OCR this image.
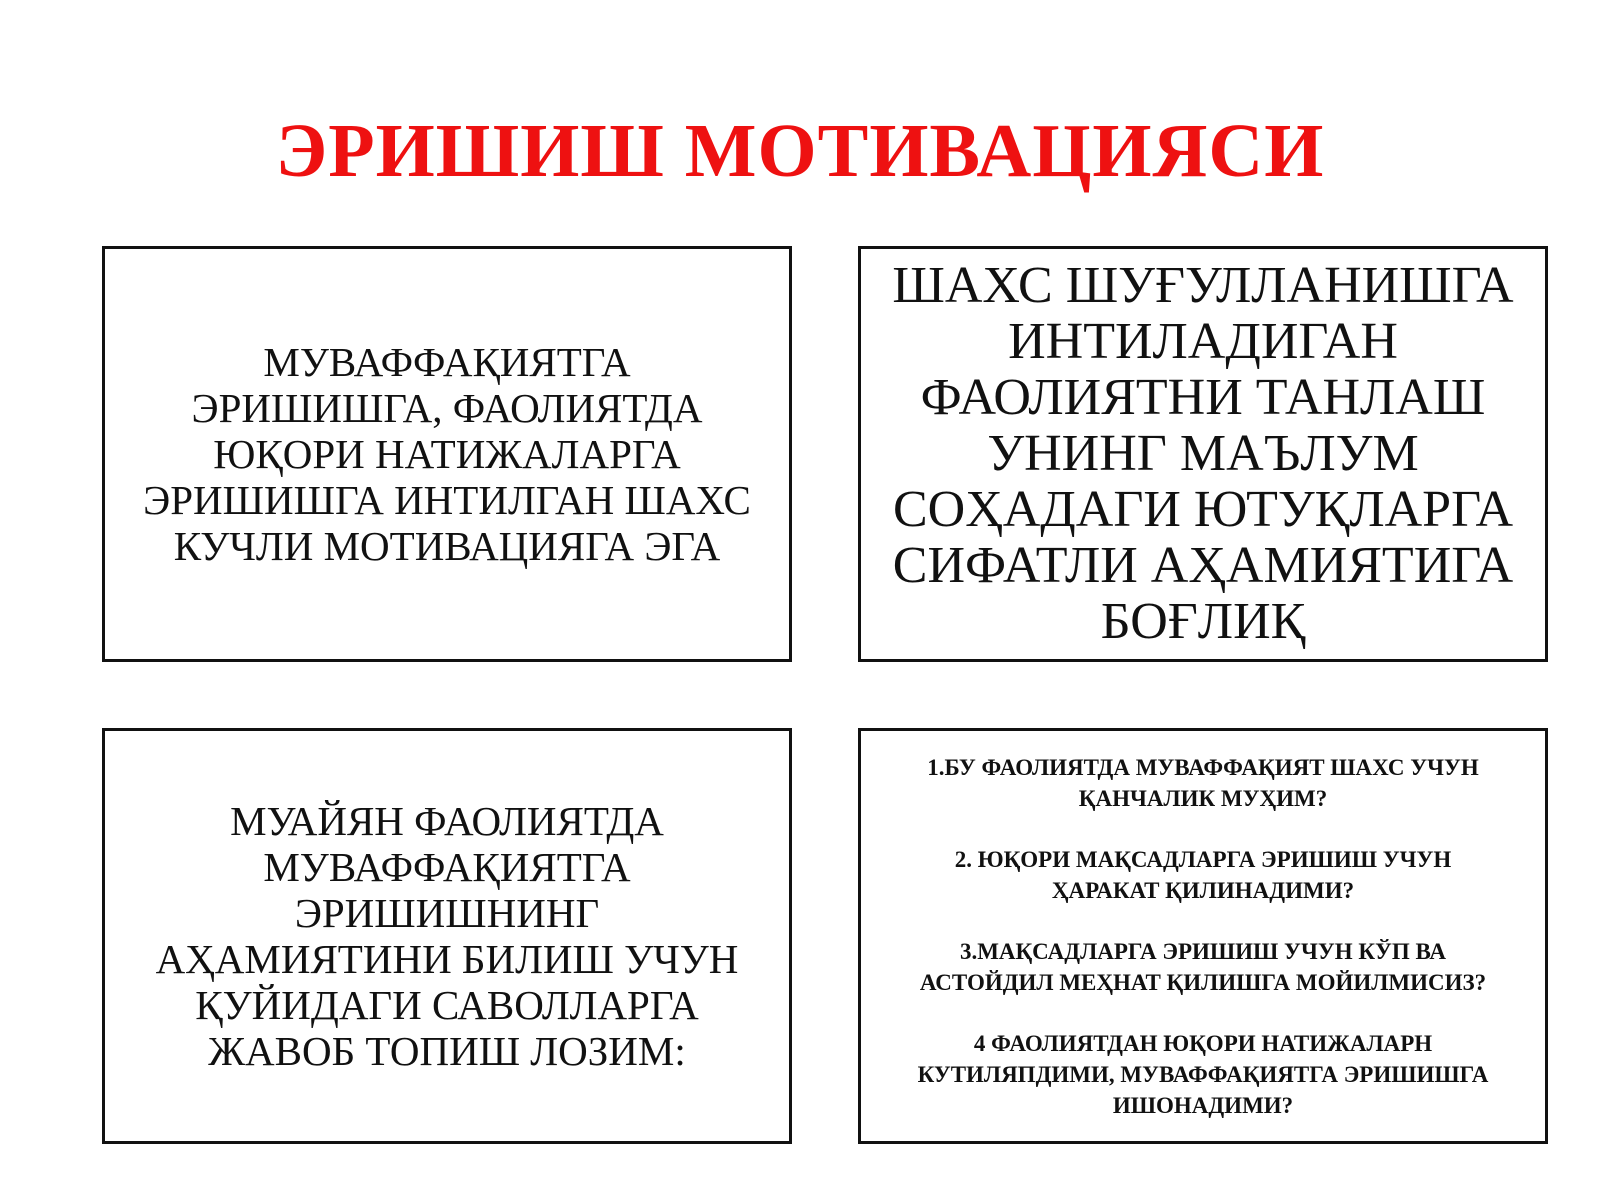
ЭРИШИШ МОТИВАЦИЯСИ
МУВАФФАҚИЯТГА
ЭРИШИШГА, ФАОЛИЯТДА
ЮҚОРИ НАТИЖАЛАРГА
ЭРИШИШГА ИНТИЛГАН ШАХС
КУЧЛИ МОТИВАЦИЯГА ЭГА
ШАХС ШУҒУЛЛАНИШГА
ИНТИЛАДИГАН
ФАОЛИЯТНИ ТАНЛАШ
УНИНГ МАЪЛУМ
СОҲАДАГИ ЮТУҚЛАРГА
СИФАТЛИ АҲАМИЯТИГА
БОҒЛИҚ
МУАЙЯН ФАОЛИЯТДА
МУВАФФАҚИЯТГА
ЭРИШИШНИНГ
АҲАМИЯТИНИ БИЛИШ УЧУН
ҚУЙИДАГИ САВОЛЛАРГА
ЖАВОБ ТОПИШ ЛОЗИМ:
1.БУ ФАОЛИЯТДА МУВАФФАҚИЯТ ШАХС УЧУН
ҚАНЧАЛИК МУҲИМ?
2. ЮҚОРИ МАҚСАДЛАРГА ЭРИШИШ УЧУН
ҲАРАКАТ ҚИЛИНАДИМИ?
3.МАҚСАДЛАРГА ЭРИШИШ УЧУН КЎП ВА
АСТОЙДИЛ МЕҲНАТ ҚИЛИШГА МОЙИЛМИСИЗ?
4 ФАОЛИЯТДАН ЮҚОРИ НАТИЖАЛАРН
КУТИЛЯПДИМИ, МУВАФФАҚИЯТГА ЭРИШИШГА
ИШОНАДИМИ?
